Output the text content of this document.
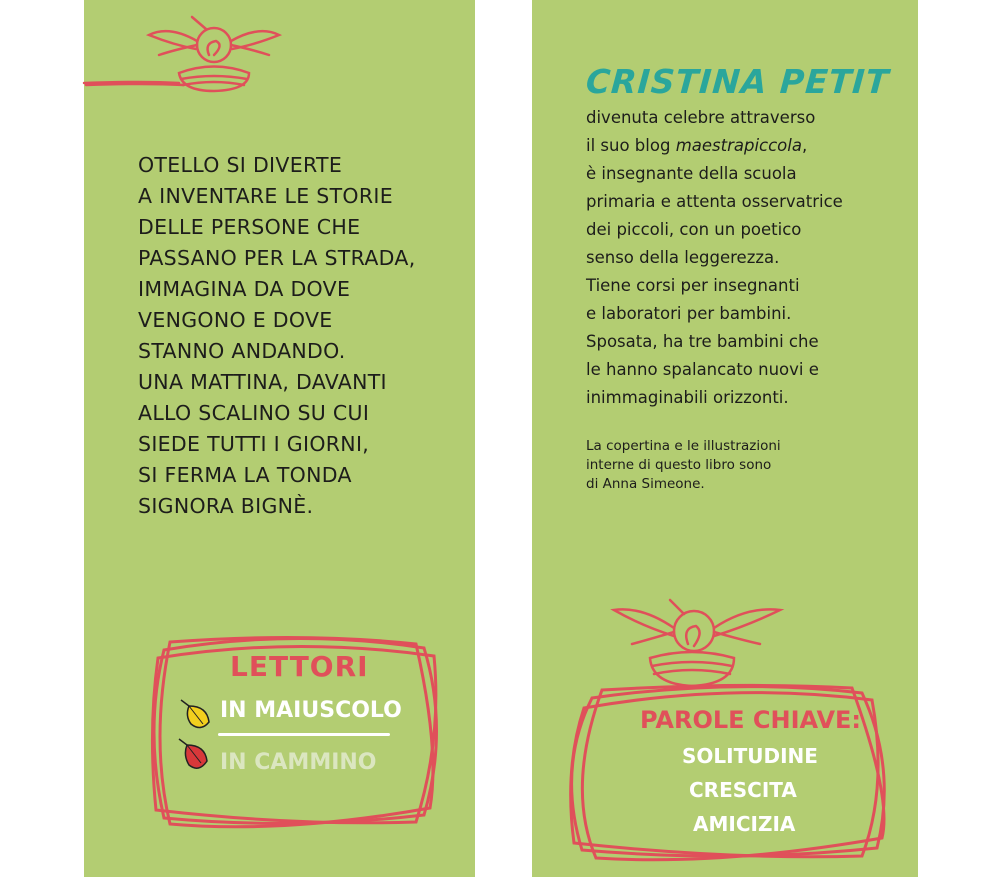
OTELLO SI DIVERTE
A INVENTARE LE STORIE
DELLE PERSONE CHE
PASSANO PER LA STRADA,
IMMAGINA DA DOVE
VENGONO E DOVE
STANNO ANDANDO.
UNA MATTINA, DAVANTI
ALLO SCALINO SU CUI
SIEDE TUTTI I GIORNI,
SI FERMA LA TONDA
SIGNORA BIGNÈ.
LETTORI
IN MAIUSCOLO
IN CAMMINO
CRISTINA PETIT
divenuta celebre attraverso
il suo blog maestrapiccola,
è insegnante della scuola
primaria e attenta osservatrice
dei piccoli, con un poetico
senso della leggerezza.
Tiene corsi per insegnanti
e laboratori per bambini.
Sposata, ha tre bambini che
le hanno spalancato nuovi e
inimmaginabili orizzonti.
La copertina e le illustrazioni
interne di questo libro sono
di Anna Simeone.
PAROLE CHIAVE:
SOLITUDINE
CRESCITA
AMICIZIA
